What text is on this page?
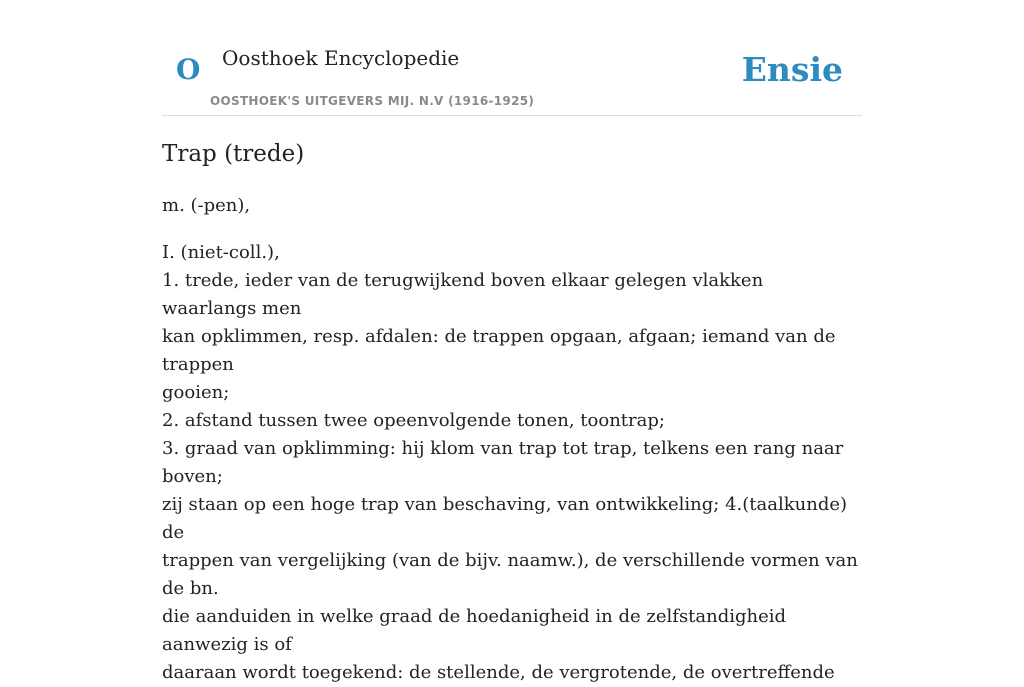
O Oosthoek Encyclopedie
OOSTHOEK'S UITGEVERS MIJ. N.V (1916-1925)
Ensie
Trap (trede)

m. (-pen),

I. (niet-coll.),

1. trede, ieder van de terugwijkend boven elkaar gelegen vlakken waarlangs men

kan opklimmen, resp. afdalen: de trappen opgaan, afgaan; iemand van de trappen

gooien;

2. afstand tussen twee opeenvolgende tonen, toontrap;

3. graad van opklimming: hij klom van trap tot trap, telkens een rang naar boven;

zij staan op een hoge trap van beschaving, van ontwikkeling; 4.(taalkunde) de

trappen van vergelijking (van de bijv. naamw.), de verschillende vormen van de bn.

die aanduiden in welke graad de hoedanigheid in de zelfstandigheid aanwezig is of

daaraan wordt toegekend: de stellende, de vergrotende, de overtreffende
